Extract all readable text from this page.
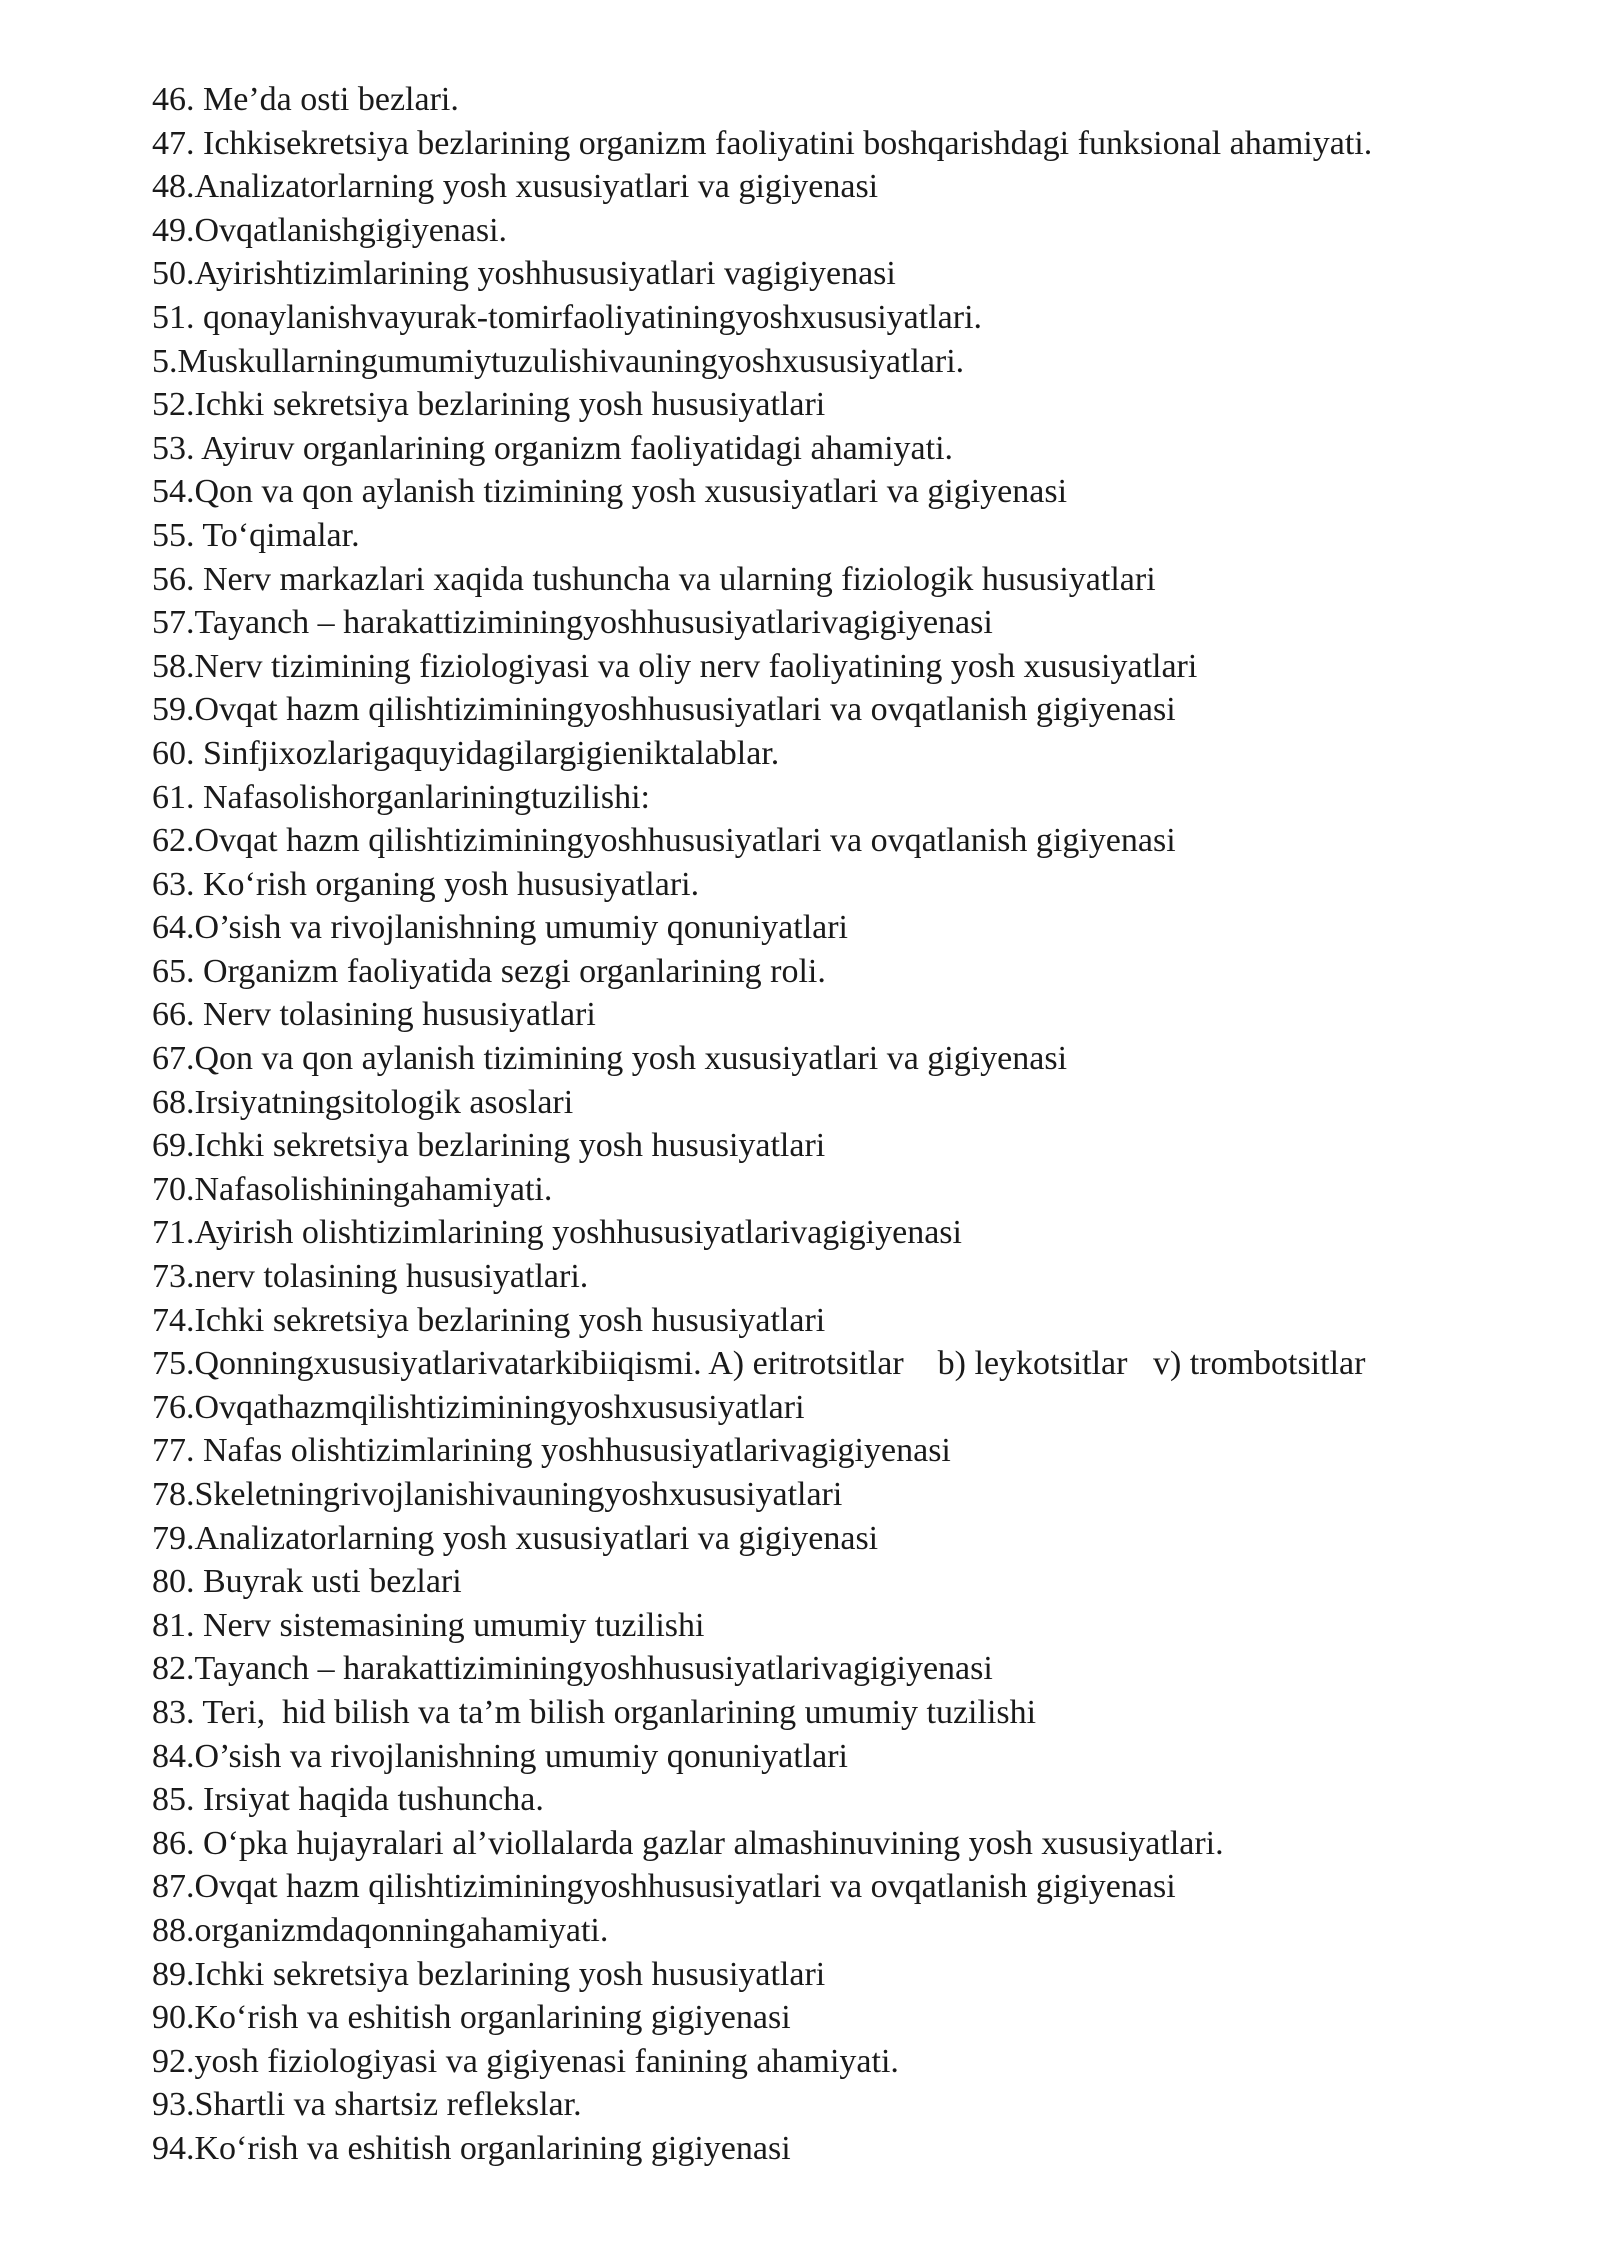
46. Me’da osti bezlari.
47. Ichkisekretsiya bezlarining organizm faoliyatini boshqarishdagi funksional ahamiyati.
48.Analizatorlarning yosh xususiyatlari va gigiyenasi
49.Ovqatlanishgigiyenasi.
50.Ayirishtizimlarining yoshhususiyatlari vagigiyenasi
51. qonaylanishvayurak-tomirfaoliyatiningyoshxususiyatlari.
5.Muskullarningumumiytuzulishivauningyoshxususiyatlari.
52.Ichki sekretsiya bezlarining yosh hususiyatlari
53. Ayiruv organlarining organizm faoliyatidagi ahamiyati.
54.Qon va qon aylanish tizimining yosh xususiyatlari va gigiyenasi
55. To‘qimalar.
56. Nerv markazlari xaqida tushuncha va ularning fiziologik hususiyatlari
57.Tayanch – harakattiziminingyoshhususiyatlarivagigiyenasi
58.Nerv tizimining fiziologiyasi va oliy nerv faoliyatining yosh xususiyatlari
59.Ovqat hazm qilishtiziminingyoshhususiyatlari va ovqatlanish gigiyenasi
60. Sinfjixozlarigaquyidagilargigieniktalablar.
61. Nafasolishorganlariningtuzilishi:
62.Ovqat hazm qilishtiziminingyoshhususiyatlari va ovqatlanish gigiyenasi
63. Ko‘rish organing yosh hususiyatlari.
64.O’sish va rivojlanishning umumiy qonuniyatlari
65. Organizm faoliyatida sezgi organlarining roli.
66. Nerv tolasining hususiyatlari
67.Qon va qon aylanish tizimining yosh xususiyatlari va gigiyenasi
68.Irsiyatningsitologik asoslari
69.Ichki sekretsiya bezlarining yosh hususiyatlari
70.Nafasolishiningahamiyati.
71.Ayirish olishtizimlarining yoshhususiyatlarivagigiyenasi
73.nerv tolasining hususiyatlari.
74.Ichki sekretsiya bezlarining yosh hususiyatlari
75.Qonningxususiyatlarivatarkibiiqismi. A) eritrotsitlar    b) leykotsitlar   v) trombotsitlar
76.Ovqathazmqilishtiziminingyoshxususiyatlari
77. Nafas olishtizimlarining yoshhususiyatlarivagigiyenasi
78.Skeletningrivojlanishivauningyoshxususiyatlari
79.Analizatorlarning yosh xususiyatlari va gigiyenasi
80. Buyrak usti bezlari
81. Nerv sistemasining umumiy tuzilishi
82.Tayanch – harakattiziminingyoshhususiyatlarivagigiyenasi
83. Teri,  hid bilish va ta’m bilish organlarining umumiy tuzilishi
84.O’sish va rivojlanishning umumiy qonuniyatlari
85. Irsiyat haqida tushuncha.
86. O‘pka hujayralari al’viollalarda gazlar almashinuvining yosh xususiyatlari.
87.Ovqat hazm qilishtiziminingyoshhususiyatlari va ovqatlanish gigiyenasi
88.organizmdaqonningahamiyati.
89.Ichki sekretsiya bezlarining yosh hususiyatlari
90.Ko‘rish va eshitish organlarining gigiyenasi
92.yosh fiziologiyasi va gigiyenasi fanining ahamiyati.
93.Shartli va shartsiz reflekslar.
94.Ko‘rish va eshitish organlarining gigiyenasi
